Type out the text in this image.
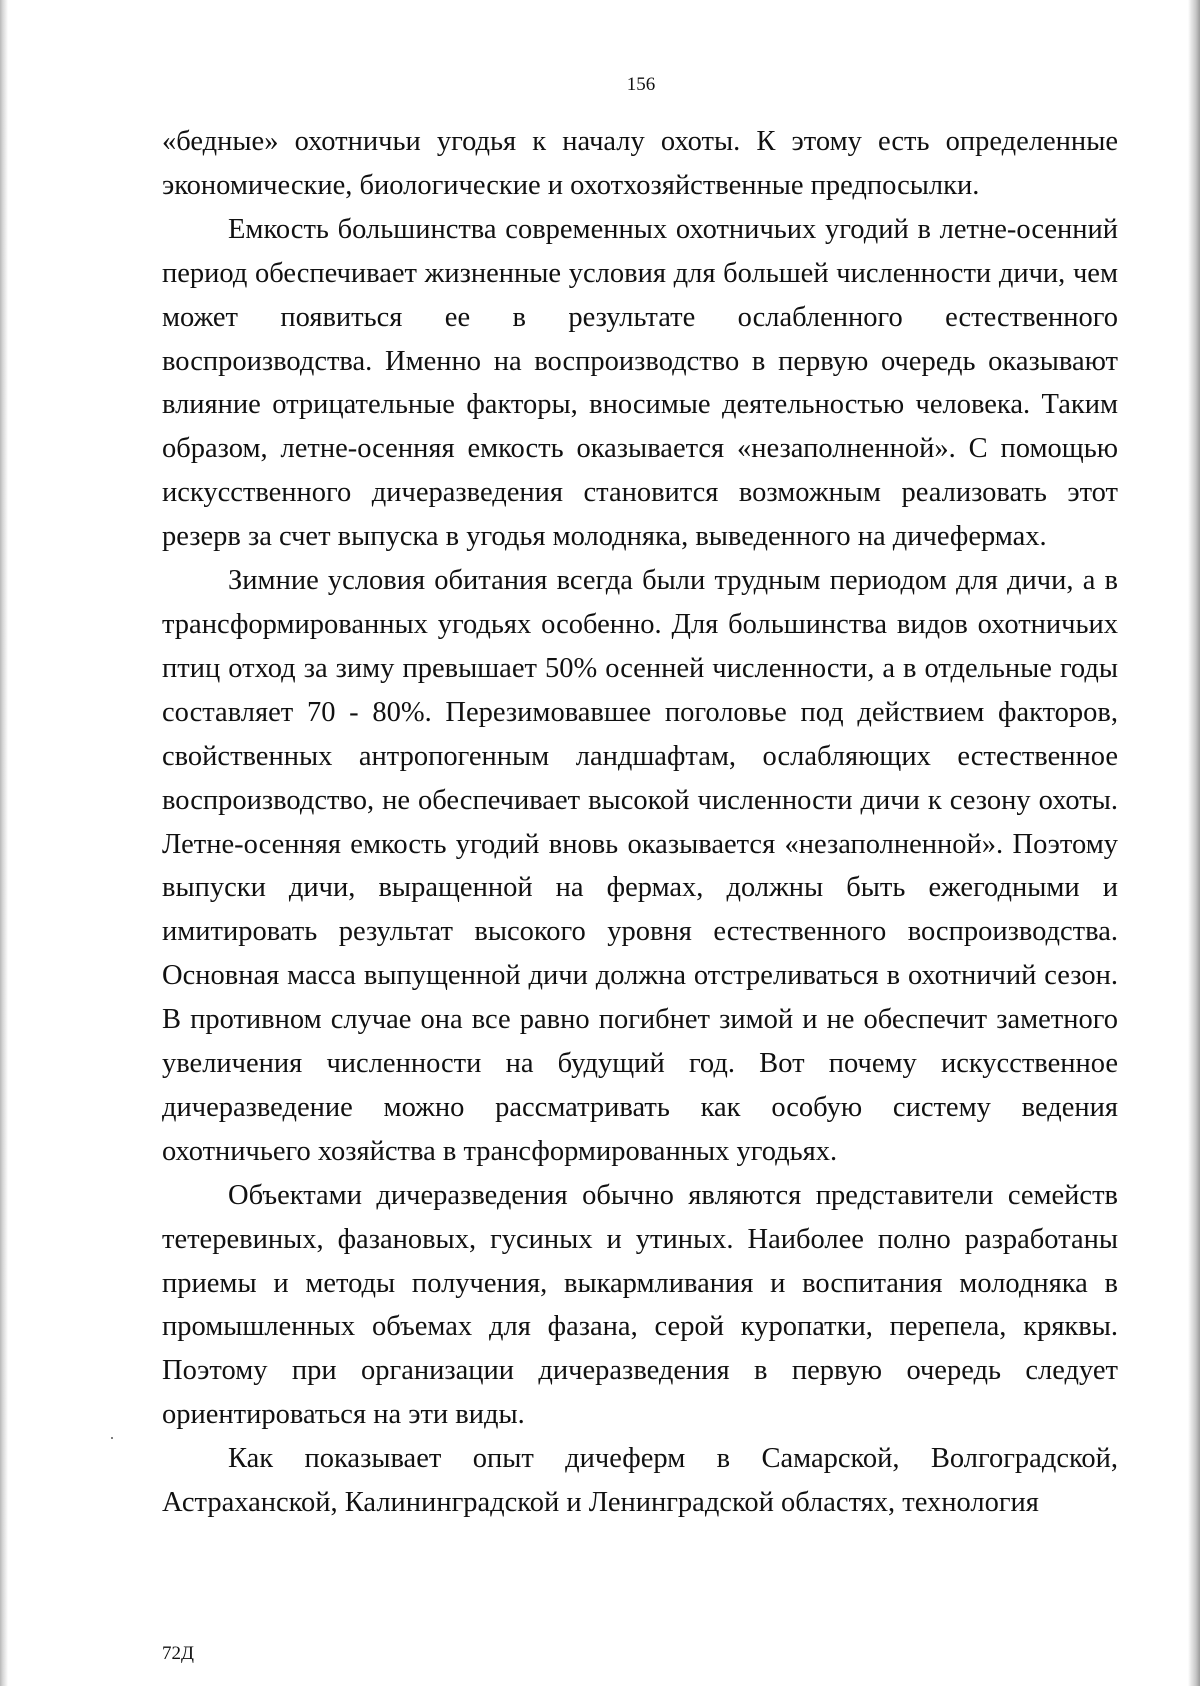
156

«бедные» охотничьи угодья к началу охоты. К этому есть определенные экономические, биологические и охотхозяйственные предпосылки.

Емкость большинства современных охотничьих угодий в летне-осенний период обеспечивает жизненные условия для большей численности дичи, чем может появиться ее в результате ослабленного естественного воспроизводства. Именно на воспроизводство в первую очередь оказывают влияние отрицательные факторы, вносимые деятельностью человека. Таким образом, летне-осенняя емкость оказывается «незаполненной». С помощью искусственного дичеразведения становится возможным реализовать этот резерв за счет выпуска в угодья молодняка, выведенного на дичефермах.

Зимние условия обитания всегда были трудным периодом для дичи, а в трансформированных угодьях особенно. Для большинства видов охотничьих птиц отход за зиму превышает 50% осенней численности, а в отдельные годы составляет 70 - 80%. Перезимовавшее поголовье под действием факторов, свойственных антропогенным ландшафтам, ослабляющих естественное воспроизводство, не обеспечивает высокой численности дичи к сезону охоты. Летне-осенняя емкость угодий вновь оказывается «незаполненной». Поэтому выпуски дичи, выращенной на фермах, должны быть ежегодными и имитировать результат высокого уровня естественного воспроизводства. Основная масса выпущенной дичи должна отстреливаться в охотничий сезон. В противном случае она все равно погибнет зимой и не обеспечит заметного увеличения численности на будущий год. Вот почему искусственное дичеразведение можно рассматривать как особую систему ведения охотничьего хозяйства в трансформированных угодьях.

Объектами дичеразведения обычно являются представители семейств тетеревиных, фазановых, гусиных и утиных. Наиболее полно разработаны приемы и методы получения, выкармливания и воспитания молодняка в промышленных объемах для фазана, серой куропатки, перепела, кряквы. Поэтому при организации дичеразведения в первую очередь следует ориентироваться на эти виды.

Как показывает опыт дичеферм в Самарской, Волгоградской, Астраханской, Калининградской и Ленинградской областях, технология

72Д
